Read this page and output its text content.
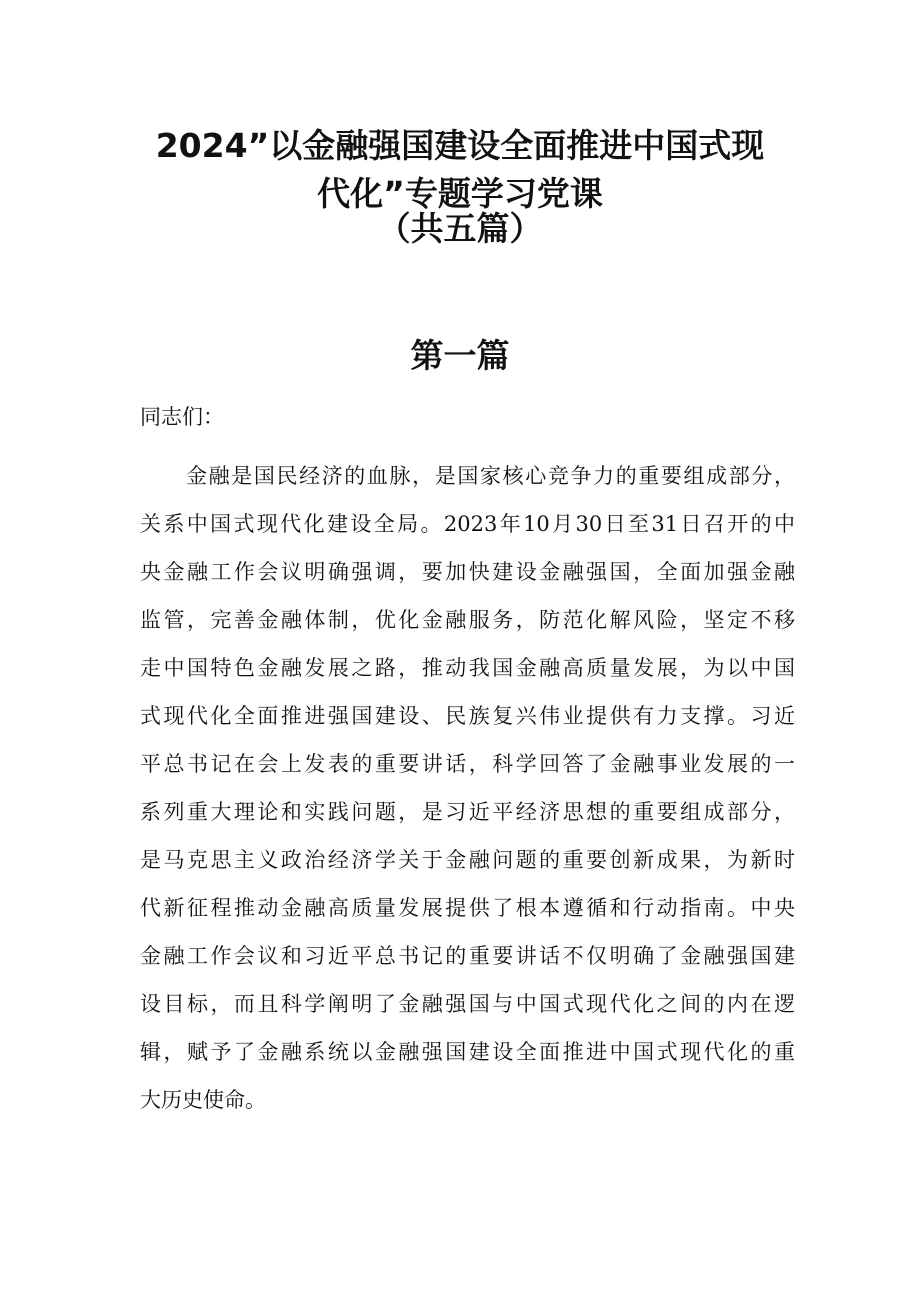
2024”以金融强国建设全面推进中国式现
代化”专题学习党课
（共五篇）
第一篇
同志们：
金融是国民经济的血脉，是国家核心竞争力的重要组成部分，
关系中国式现代化建设全局。2023年10月30日至31日召开的中
央金融工作会议明确强调，要加快建设金融强国，全面加强金融
监管，完善金融体制，优化金融服务，防范化解风险，坚定不移
走中国特色金融发展之路，推动我国金融高质量发展，为以中国
式现代化全面推进强国建设、民族复兴伟业提供有力支撑。习近
平总书记在会上发表的重要讲话，科学回答了金融事业发展的一
系列重大理论和实践问题，是习近平经济思想的重要组成部分，
是马克思主义政治经济学关于金融问题的重要创新成果，为新时
代新征程推动金融高质量发展提供了根本遵循和行动指南。中央
金融工作会议和习近平总书记的重要讲话不仅明确了金融强国建
设目标，而且科学阐明了金融强国与中国式现代化之间的内在逻
辑，赋予了金融系统以金融强国建设全面推进中国式现代化的重
大历史使命。
